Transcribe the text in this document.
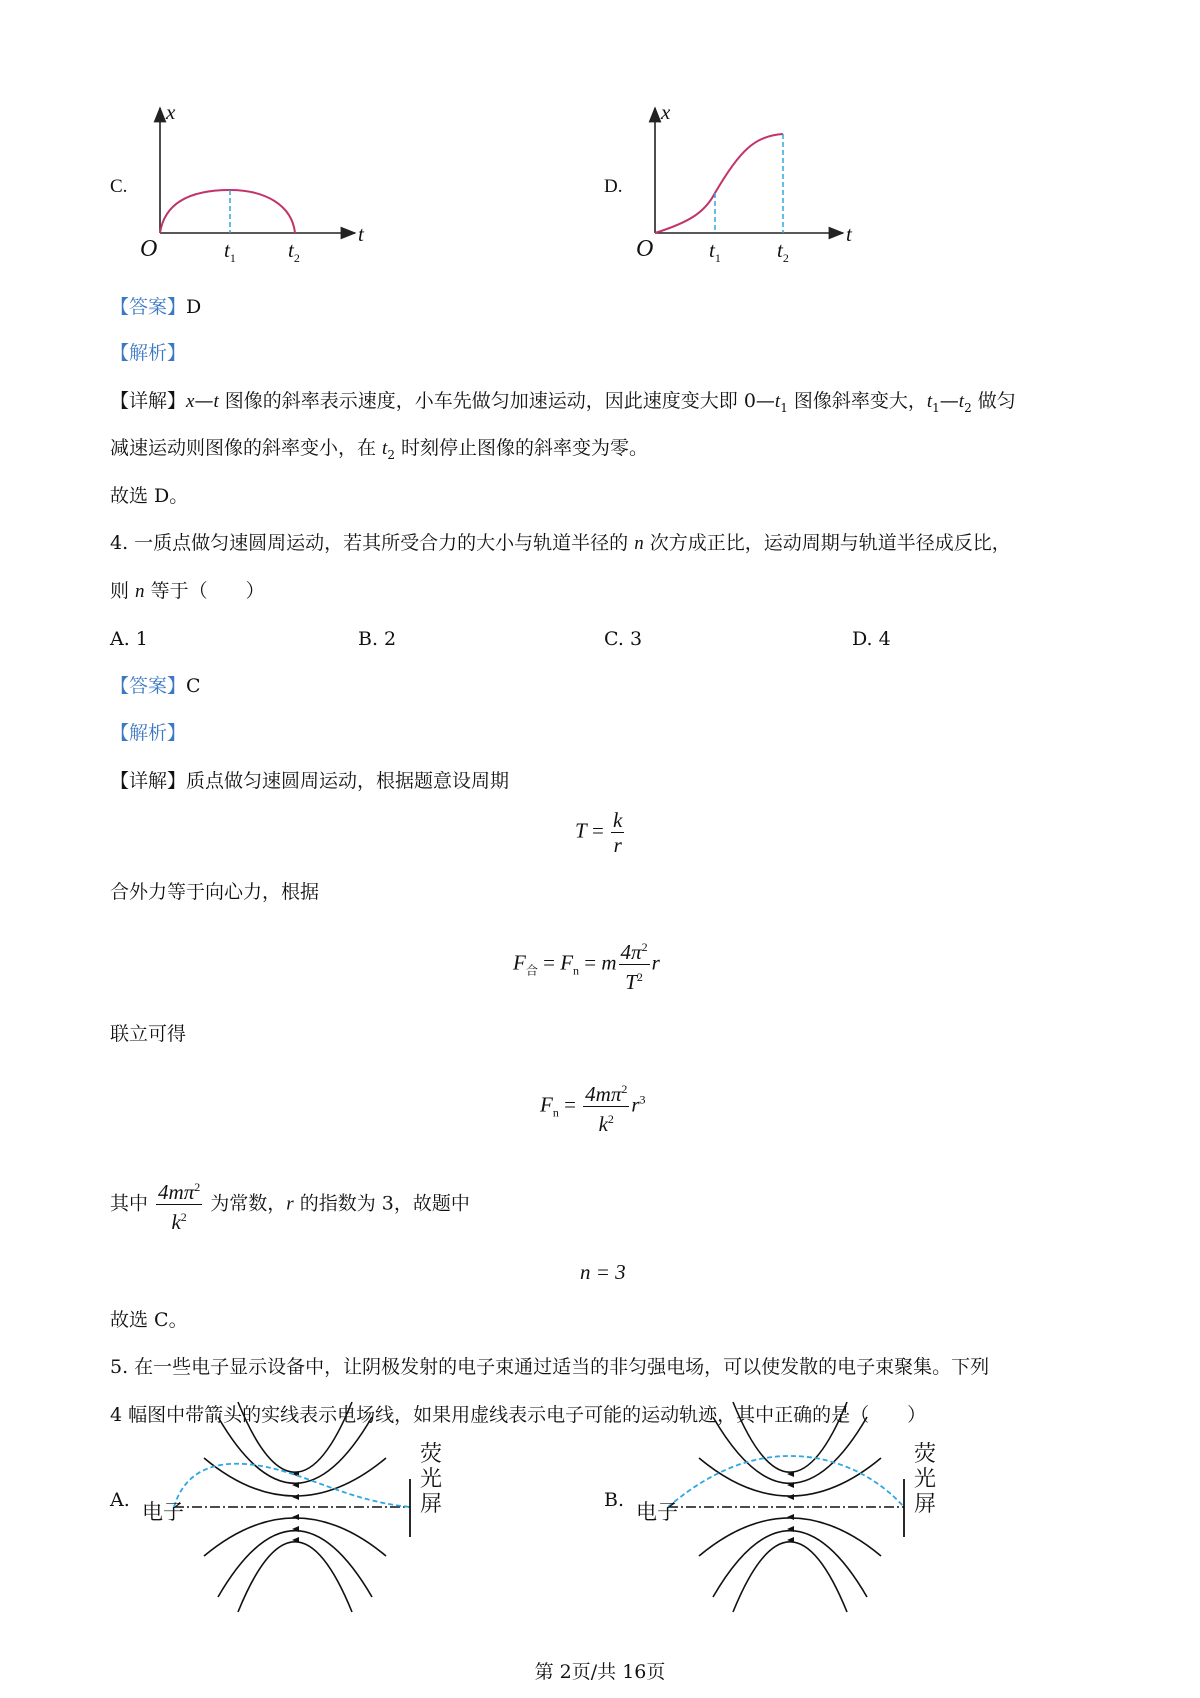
C.
x
t
O	$t_1$ $t_2$
D.
x
t
O	$t_1$	$t_2$
【答案】D
【解析】
【详解】x—t 图像的斜率表示速度，小车先做匀加速运动，因此速度变大即 $0—t_1$ 图像斜率变大，$t_1—t_2$ 做匀
减速运动则图像的斜率变小，在 $t_2$ 时刻停止图像的斜率变为零。
故选 D。
4. 一质点做匀速圆周运动，若其所受合力的大小与轨道半径的 n 次方成正比，运动周期与轨道半径成反比，
则 n 等于（　　）
A. 1	B. 2	C. 3	D. 4
【答案】C
【解析】
【详解】质点做匀速圆周运动，根据题意设周期
$T = \frac{k}{r}$
合外力等于向心力，根据
$F_合 = F_n = m \frac{4\pi^2}{T^2}$ r
联立可得
$F_n = \frac{4m\pi^2}{k^2} r^3$
其中 $\frac{4m\pi^2}{k^2}$ 为常数，r 的指数为 3，故题中
n = 3
故选 C。
5. 在一些电子显示设备中，让阴极发射的电子束通过适当的非匀强电场，可以使发散的电子束聚集。下列
4 幅图中带箭头的实线表示电场线，如果用虚线表示电子可能的运动轨迹，其中正确的是（　　）
A. 电子
荧
光
屏	B. 电子
荧
光
屏
第 2页/共 16页
